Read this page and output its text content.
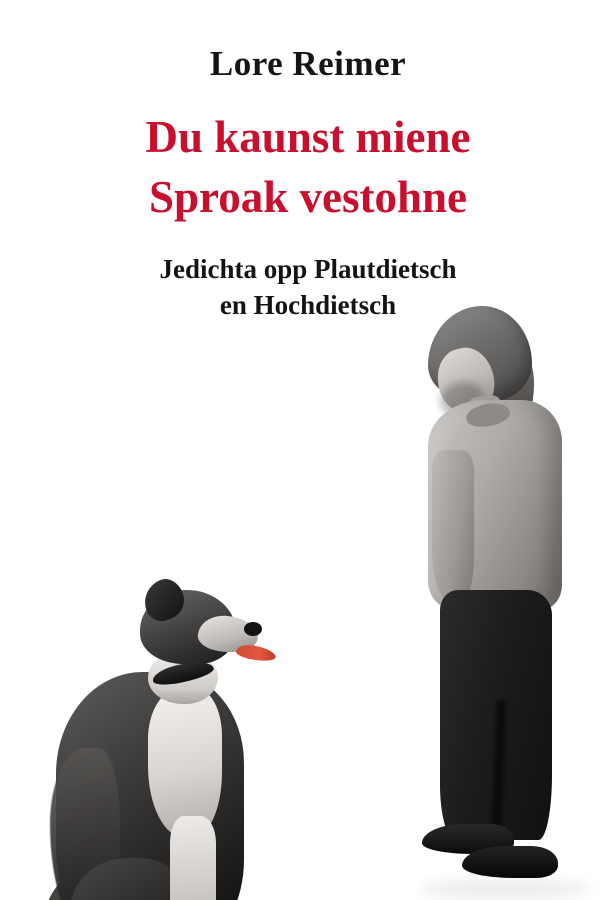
Lore Reimer
Du kaunst miene
Sproak vestohne
Jedichta opp Plautdietsch
en Hochdietsch
